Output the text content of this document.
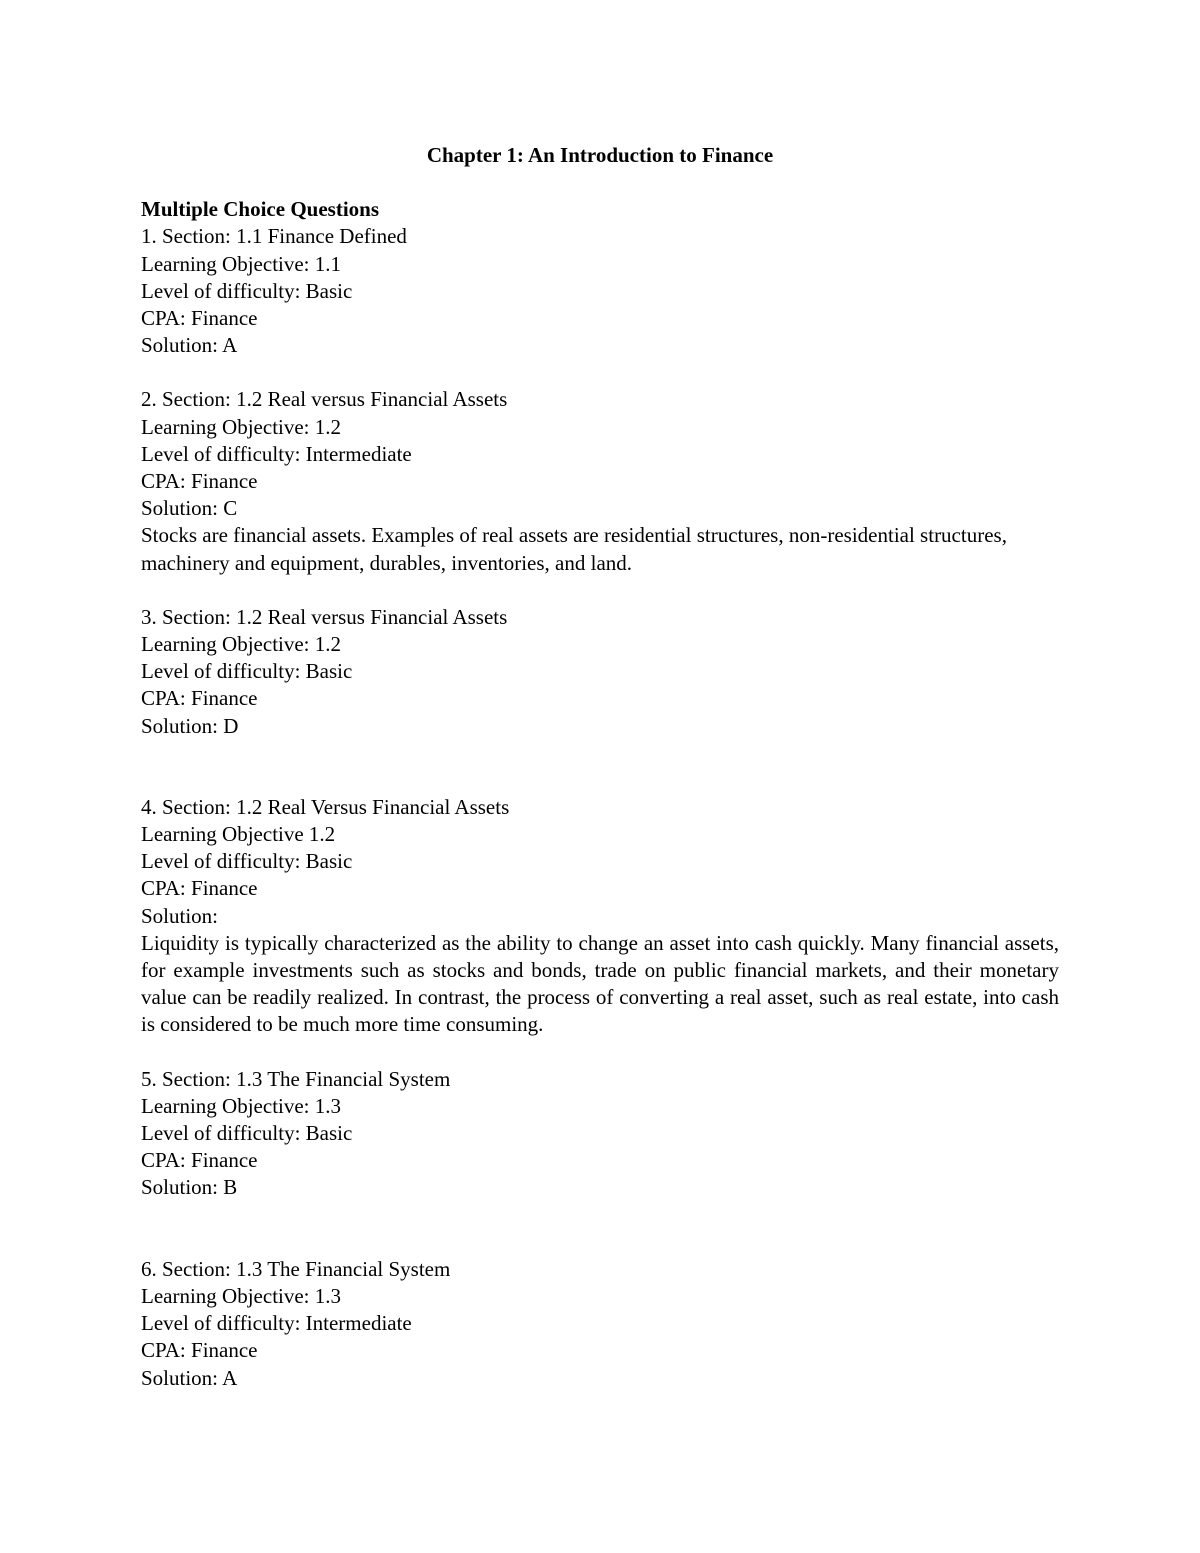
Chapter 1: An Introduction to Finance

Multiple Choice Questions

1. Section: 1.1 Finance Defined

Learning Objective: 1.1

Level of difficulty: Basic

CPA: Finance

Solution: A

2. Section: 1.2 Real versus Financial Assets

Learning Objective: 1.2

Level of difficulty: Intermediate

CPA: Finance

Solution: C

Stocks are financial assets. Examples of real assets are residential structures, non-residential structures, machinery and equipment, durables, inventories, and land.

3. Section: 1.2 Real versus Financial Assets

Learning Objective: 1.2

Level of difficulty: Basic

CPA: Finance

Solution: D

4. Section: 1.2 Real Versus Financial Assets

Learning Objective 1.2

Level of difficulty: Basic

CPA: Finance

Solution:

Liquidity is typically characterized as the ability to change an asset into cash quickly. Many financial assets, for example investments such as stocks and bonds, trade on public financial markets, and their monetary value can be readily realized. In contrast, the process of converting a real asset, such as real estate, into cash is considered to be much more time consuming.

5. Section: 1.3 The Financial System

Learning Objective: 1.3

Level of difficulty: Basic

CPA: Finance

Solution: B

6. Section: 1.3 The Financial System

Learning Objective: 1.3

Level of difficulty: Intermediate

CPA: Finance

Solution: A
